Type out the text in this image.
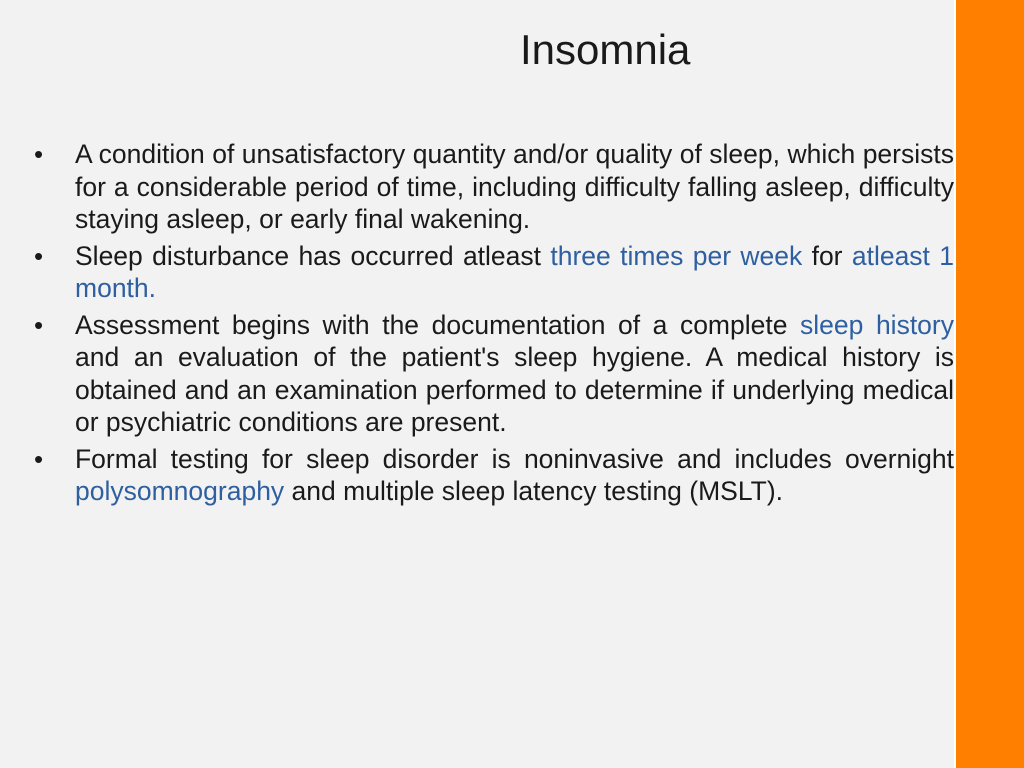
Insomnia
•	A condition of unsatisfactory quantity and/or quality of sleep, which persists for a considerable period of time, including difficulty falling asleep, difficulty staying asleep, or early final wakening.
•	Sleep disturbance has occurred atleast three times per week for atleast 1 month.
•	Assessment begins with the documentation of a complete sleep history and an evaluation of the patient's sleep hygiene. A medical history is obtained and an examination performed to determine if underlying medical or psychiatric conditions are present.
•	Formal testing for sleep disorder is noninvasive and includes overnight polysomnography and multiple sleep latency testing (MSLT).
